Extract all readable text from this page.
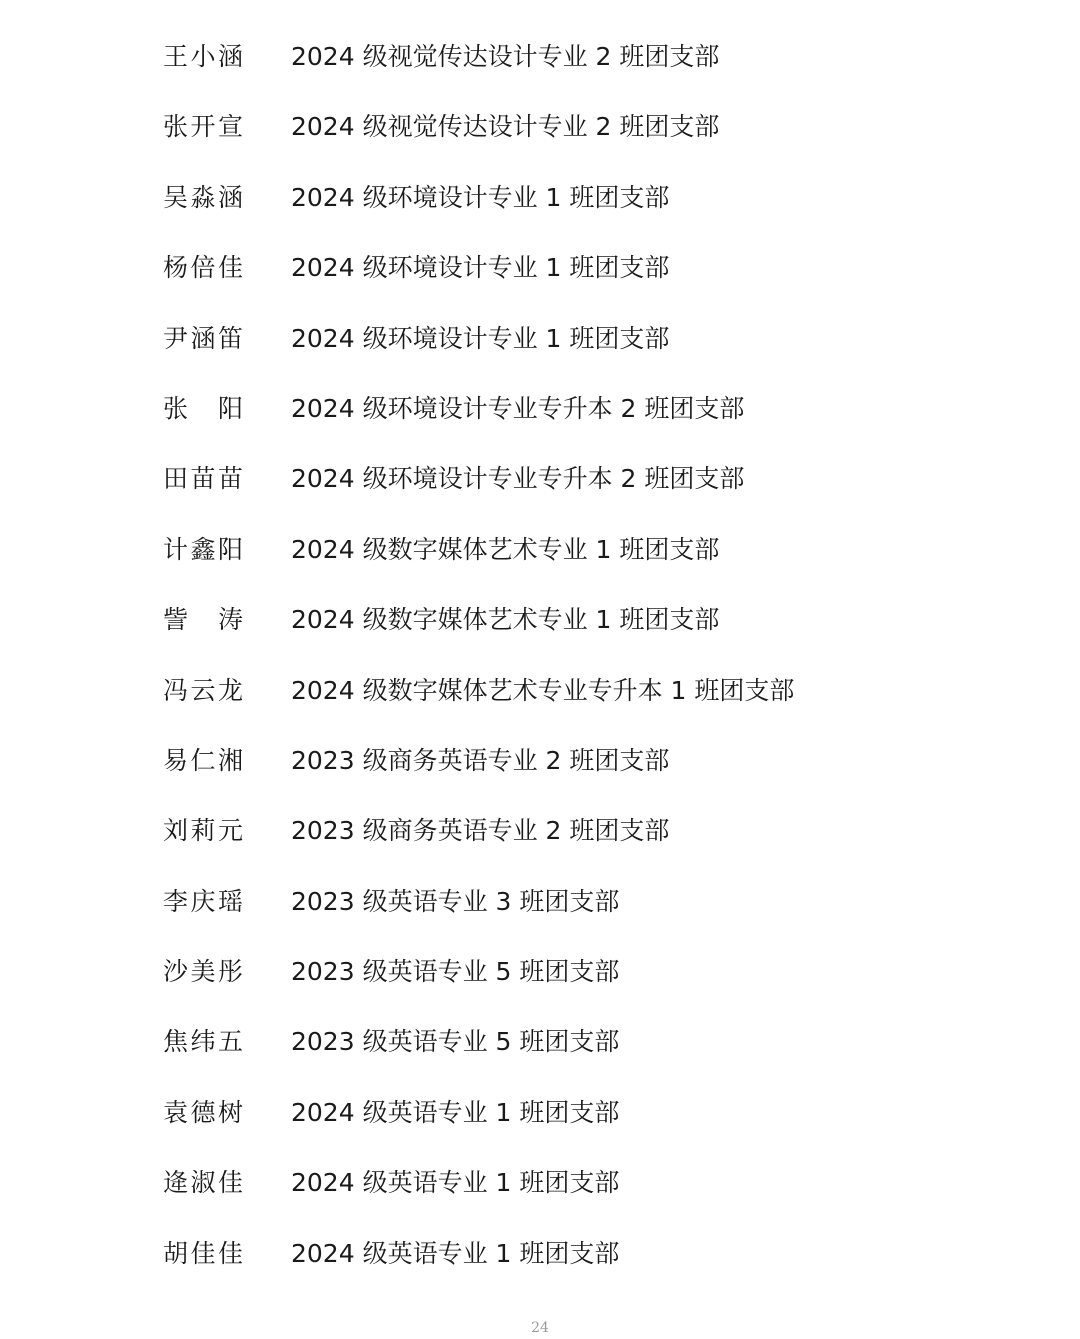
王小涵 2024 级视觉传达设计专业 2 班团支部
张开宣 2024 级视觉传达设计专业 2 班团支部
吴淼涵 2024 级环境设计专业 1 班团支部
杨倍佳 2024 级环境设计专业 1 班团支部
尹涵笛 2024 级环境设计专业 1 班团支部
张阳 2024 级环境设计专业专升本 2 班团支部
田苗苗 2024 级环境设计专业专升本 2 班团支部
计鑫阳 2024 级数字媒体艺术专业 1 班团支部
訾涛 2024 级数字媒体艺术专业 1 班团支部
冯云龙 2024 级数字媒体艺术专业专升本 1 班团支部
易仁湘 2023 级商务英语专业 2 班团支部
刘莉元 2023 级商务英语专业 2 班团支部
李庆瑶 2023 级英语专业 3 班团支部
沙美彤 2023 级英语专业 5 班团支部
焦纬五 2023 级英语专业 5 班团支部
袁德树 2024 级英语专业 1 班团支部
逄淑佳 2024 级英语专业 1 班团支部
胡佳佳 2024 级英语专业 1 班团支部
24
